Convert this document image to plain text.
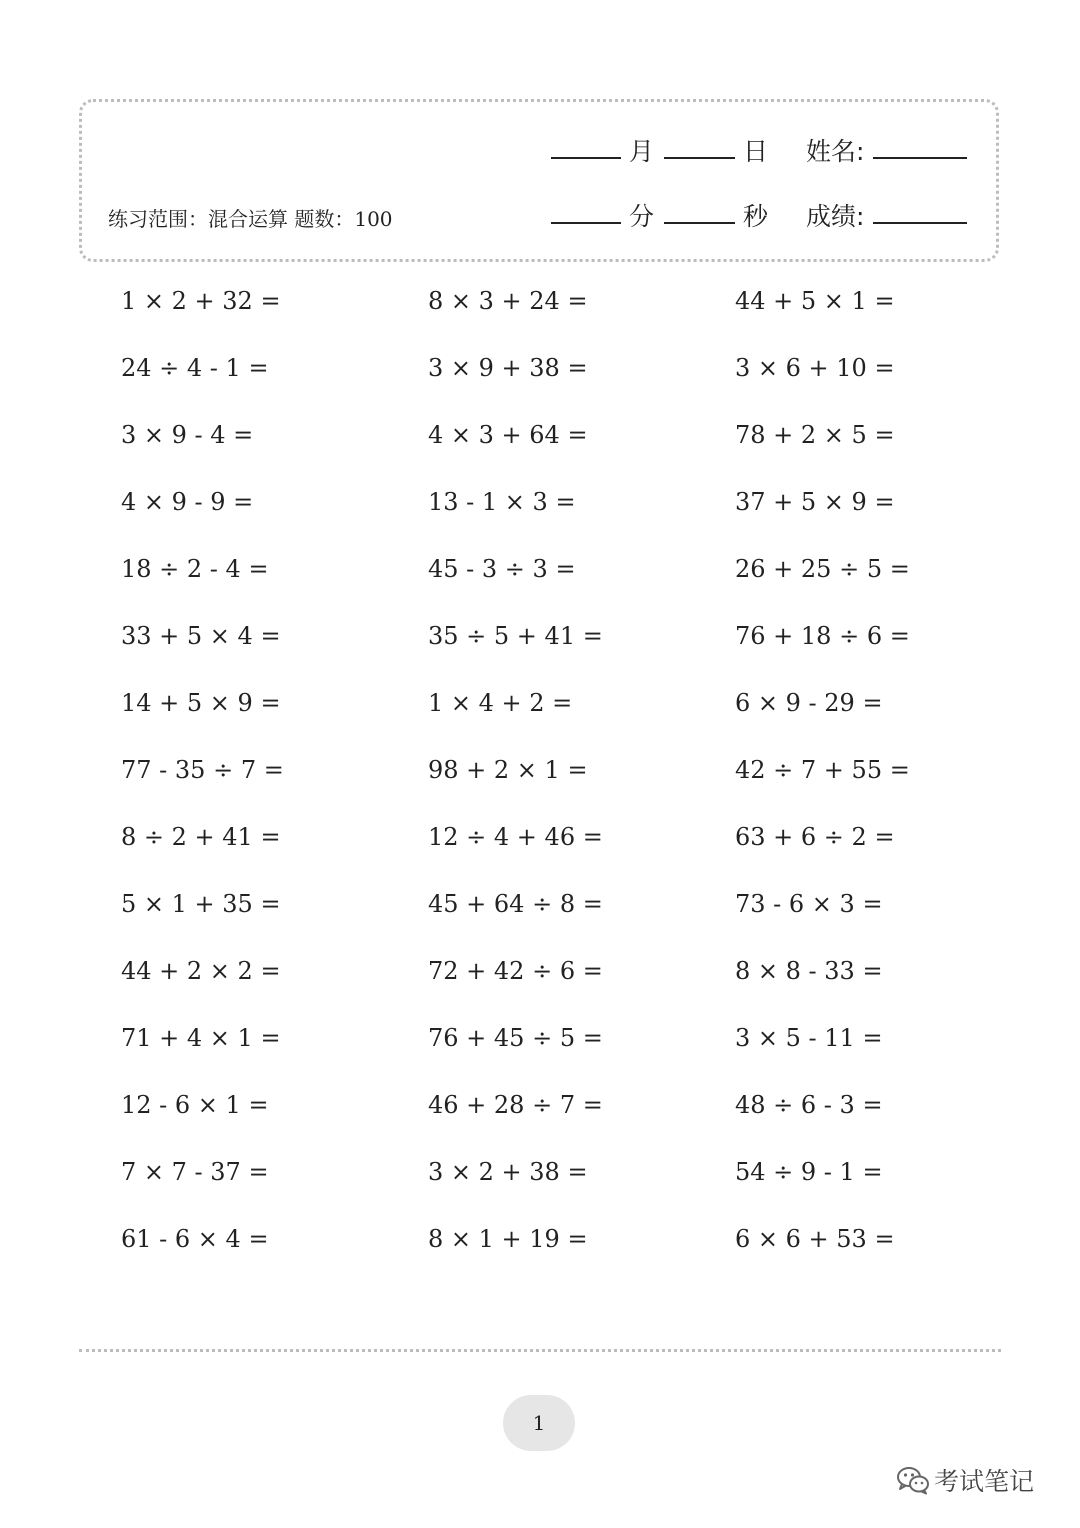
练习范围：混合运算 题数：100
月	日 姓名:
分	秒 成绩:
1 × 2 + 32 =	8 × 3 + 24 =	44 + 5 × 1 =
24 ÷ 4 - 1 =	3 × 9 + 38 =	3 × 6 + 10 =
3 × 9 - 4 =	4 × 3 + 64 =	78 + 2 × 5 =
4 × 9 - 9 =	13 - 1 × 3 =	37 + 5 × 9 =
18 ÷ 2 - 4 =	45 - 3 ÷ 3 =	26 + 25 ÷ 5 =
33 + 5 × 4 =	35 ÷ 5 + 41 =	76 + 18 ÷ 6 =
14 + 5 × 9 =	1 × 4 + 2 =	6 × 9 - 29 =
77 - 35 ÷ 7 =	98 + 2 × 1 =	42 ÷ 7 + 55 =
8 ÷ 2 + 41 =	12 ÷ 4 + 46 =	63 + 6 ÷ 2 =
5 × 1 + 35 =	45 + 64 ÷ 8 =	73 - 6 × 3 =
44 + 2 × 2 =	72 + 42 ÷ 6 =	8 × 8 - 33 =
71 + 4 × 1 =	76 + 45 ÷ 5 =	3 × 5 - 11 =
12 - 6 × 1 =	46 + 28 ÷ 7 =	48 ÷ 6 - 3 =
7 × 7 - 37 =	3 × 2 + 38 =	54 ÷ 9 - 1 =
61 - 6 × 4 =	8 × 1 + 19 =	6 × 6 + 53 =
1
考试笔记
